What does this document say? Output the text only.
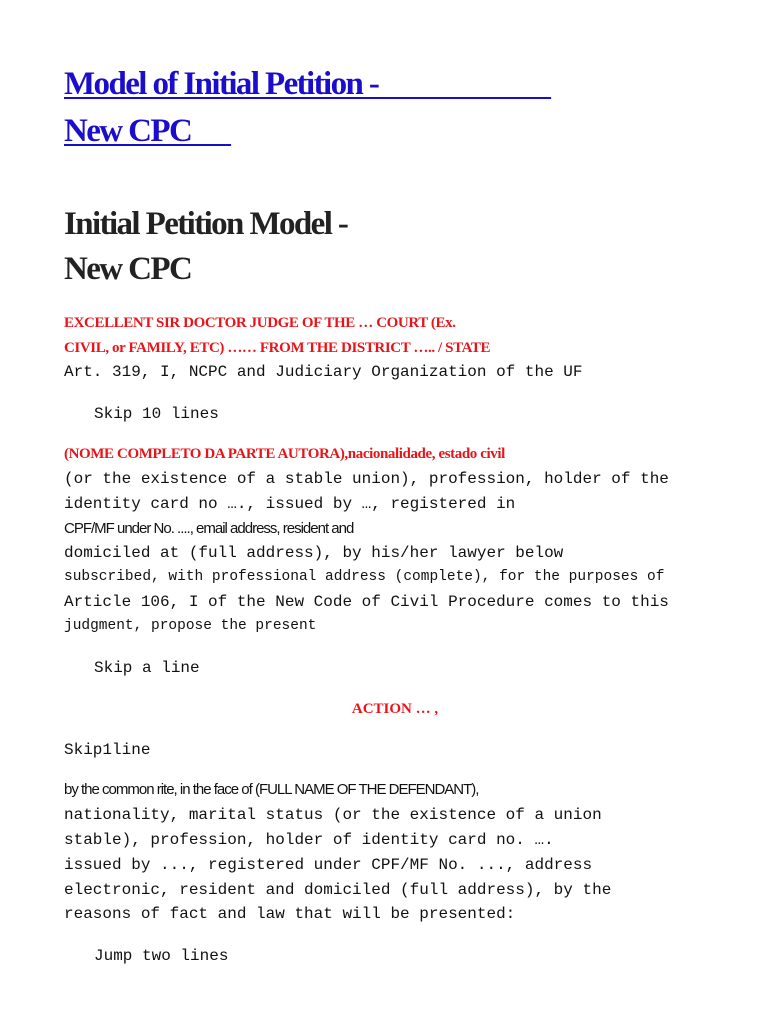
Model of Initial Petition -
New CPC
Initial Petition Model -
New CPC
EXCELLENT SIR DOCTOR JUDGE OF THE … COURT (Ex.
CIVIL, or FAMILY, ETC) …… FROM THE DISTRICT ….. / STATE
Art. 319, I, NCPC and Judiciary Organization of the UF
Skip 10 lines
(NOME COMPLETO DA PARTE AUTORA),nacionalidade, estado civil
(or the existence of a stable union), profession, holder of the
identity card no …., issued by …, registered in
CPF/MF under No. ...., email address, resident and
domiciled at (full address), by his/her lawyer below
subscribed, with professional address (complete), for the purposes of
Article 106, I of the New Code of Civil Procedure comes to this
judgment, propose the present
Skip a line
ACTION … ,
Skip1line
by the common rite, in the face of (FULL NAME OF THE DEFENDANT),
nationality, marital status (or the existence of a union
stable), profession, holder of identity card no. ….
issued by ..., registered under CPF/MF No. ..., address
electronic, resident and domiciled (full address), by the
reasons of fact and law that will be presented:
Jump two lines
